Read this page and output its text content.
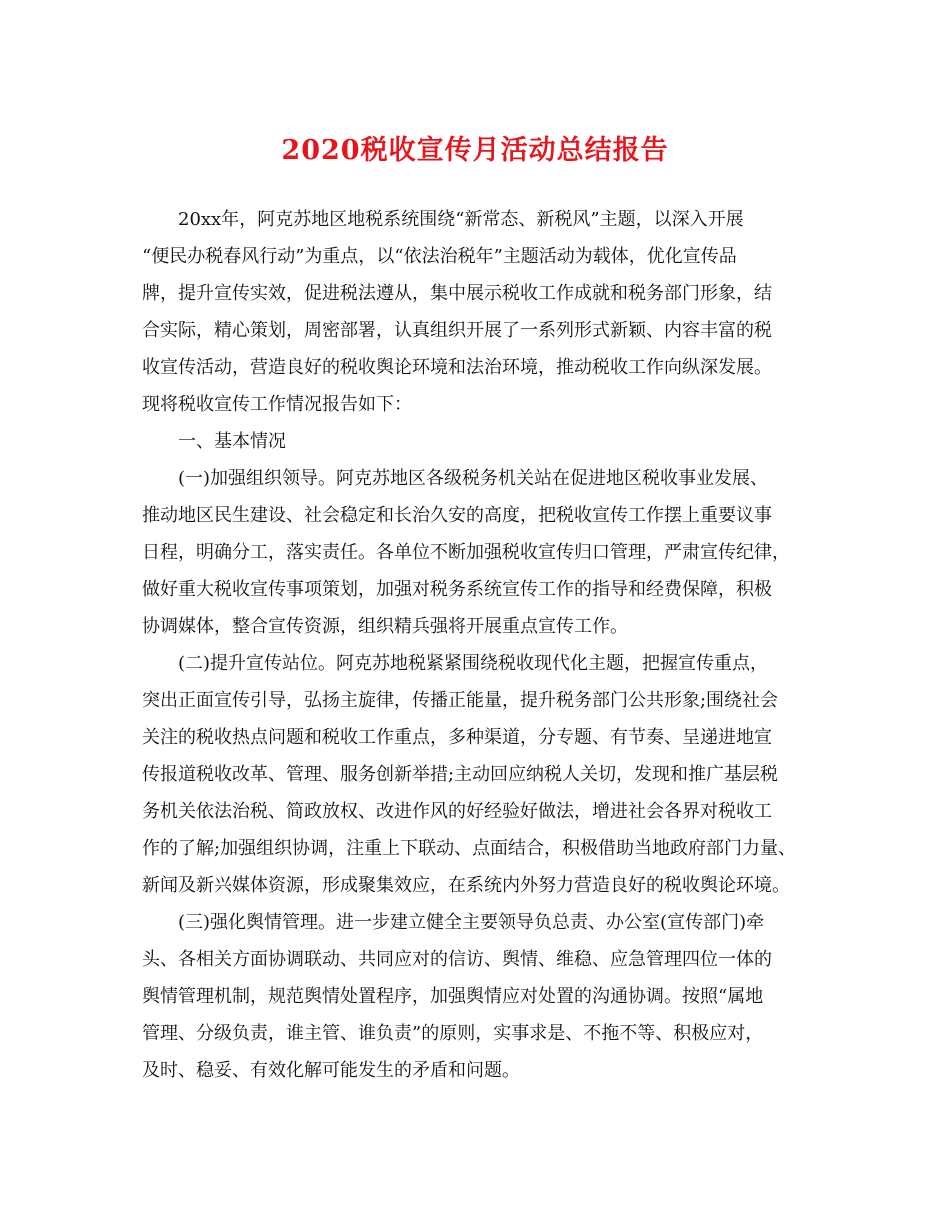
2020税收宣传月活动总结报告
20xx年，阿克苏地区地税系统围绕“新常态、新税风”主题，以深入开展
“便民办税春风行动”为重点，以“依法治税年”主题活动为载体，优化宣传品
牌，提升宣传实效，促进税法遵从，集中展示税收工作成就和税务部门形象，结
合实际，精心策划，周密部署，认真组织开展了一系列形式新颖、内容丰富的税
收宣传活动，营造良好的税收舆论环境和法治环境，推动税收工作向纵深发展。
现将税收宣传工作情况报告如下：
一、基本情况
(一)加强组织领导。阿克苏地区各级税务机关站在促进地区税收事业发展、
推动地区民生建设、社会稳定和长治久安的高度，把税收宣传工作摆上重要议事
日程，明确分工，落实责任。各单位不断加强税收宣传归口管理，严肃宣传纪律，
做好重大税收宣传事项策划，加强对税务系统宣传工作的指导和经费保障，积极
协调媒体，整合宣传资源，组织精兵强将开展重点宣传工作。
(二)提升宣传站位。阿克苏地税紧紧围绕税收现代化主题，把握宣传重点，
突出正面宣传引导，弘扬主旋律，传播正能量，提升税务部门公共形象;围绕社会
关注的税收热点问题和税收工作重点，多种渠道，分专题、有节奏、呈递进地宣
传报道税收改革、管理、服务创新举措;主动回应纳税人关切，发现和推广基层税
务机关依法治税、简政放权、改进作风的好经验好做法，增进社会各界对税收工
作的了解;加强组织协调，注重上下联动、点面结合，积极借助当地政府部门力量、
新闻及新兴媒体资源，形成聚集效应，在系统内外努力营造良好的税收舆论环境。
(三)强化舆情管理。进一步建立健全主要领导负总责、办公室(宣传部门)牵
头、各相关方面协调联动、共同应对的信访、舆情、维稳、应急管理四位一体的
舆情管理机制，规范舆情处置程序，加强舆情应对处置的沟通协调。按照“属地
管理、分级负责，谁主管、谁负责”的原则，实事求是、不拖不等、积极应对，
及时、稳妥、有效化解可能发生的矛盾和问题。
